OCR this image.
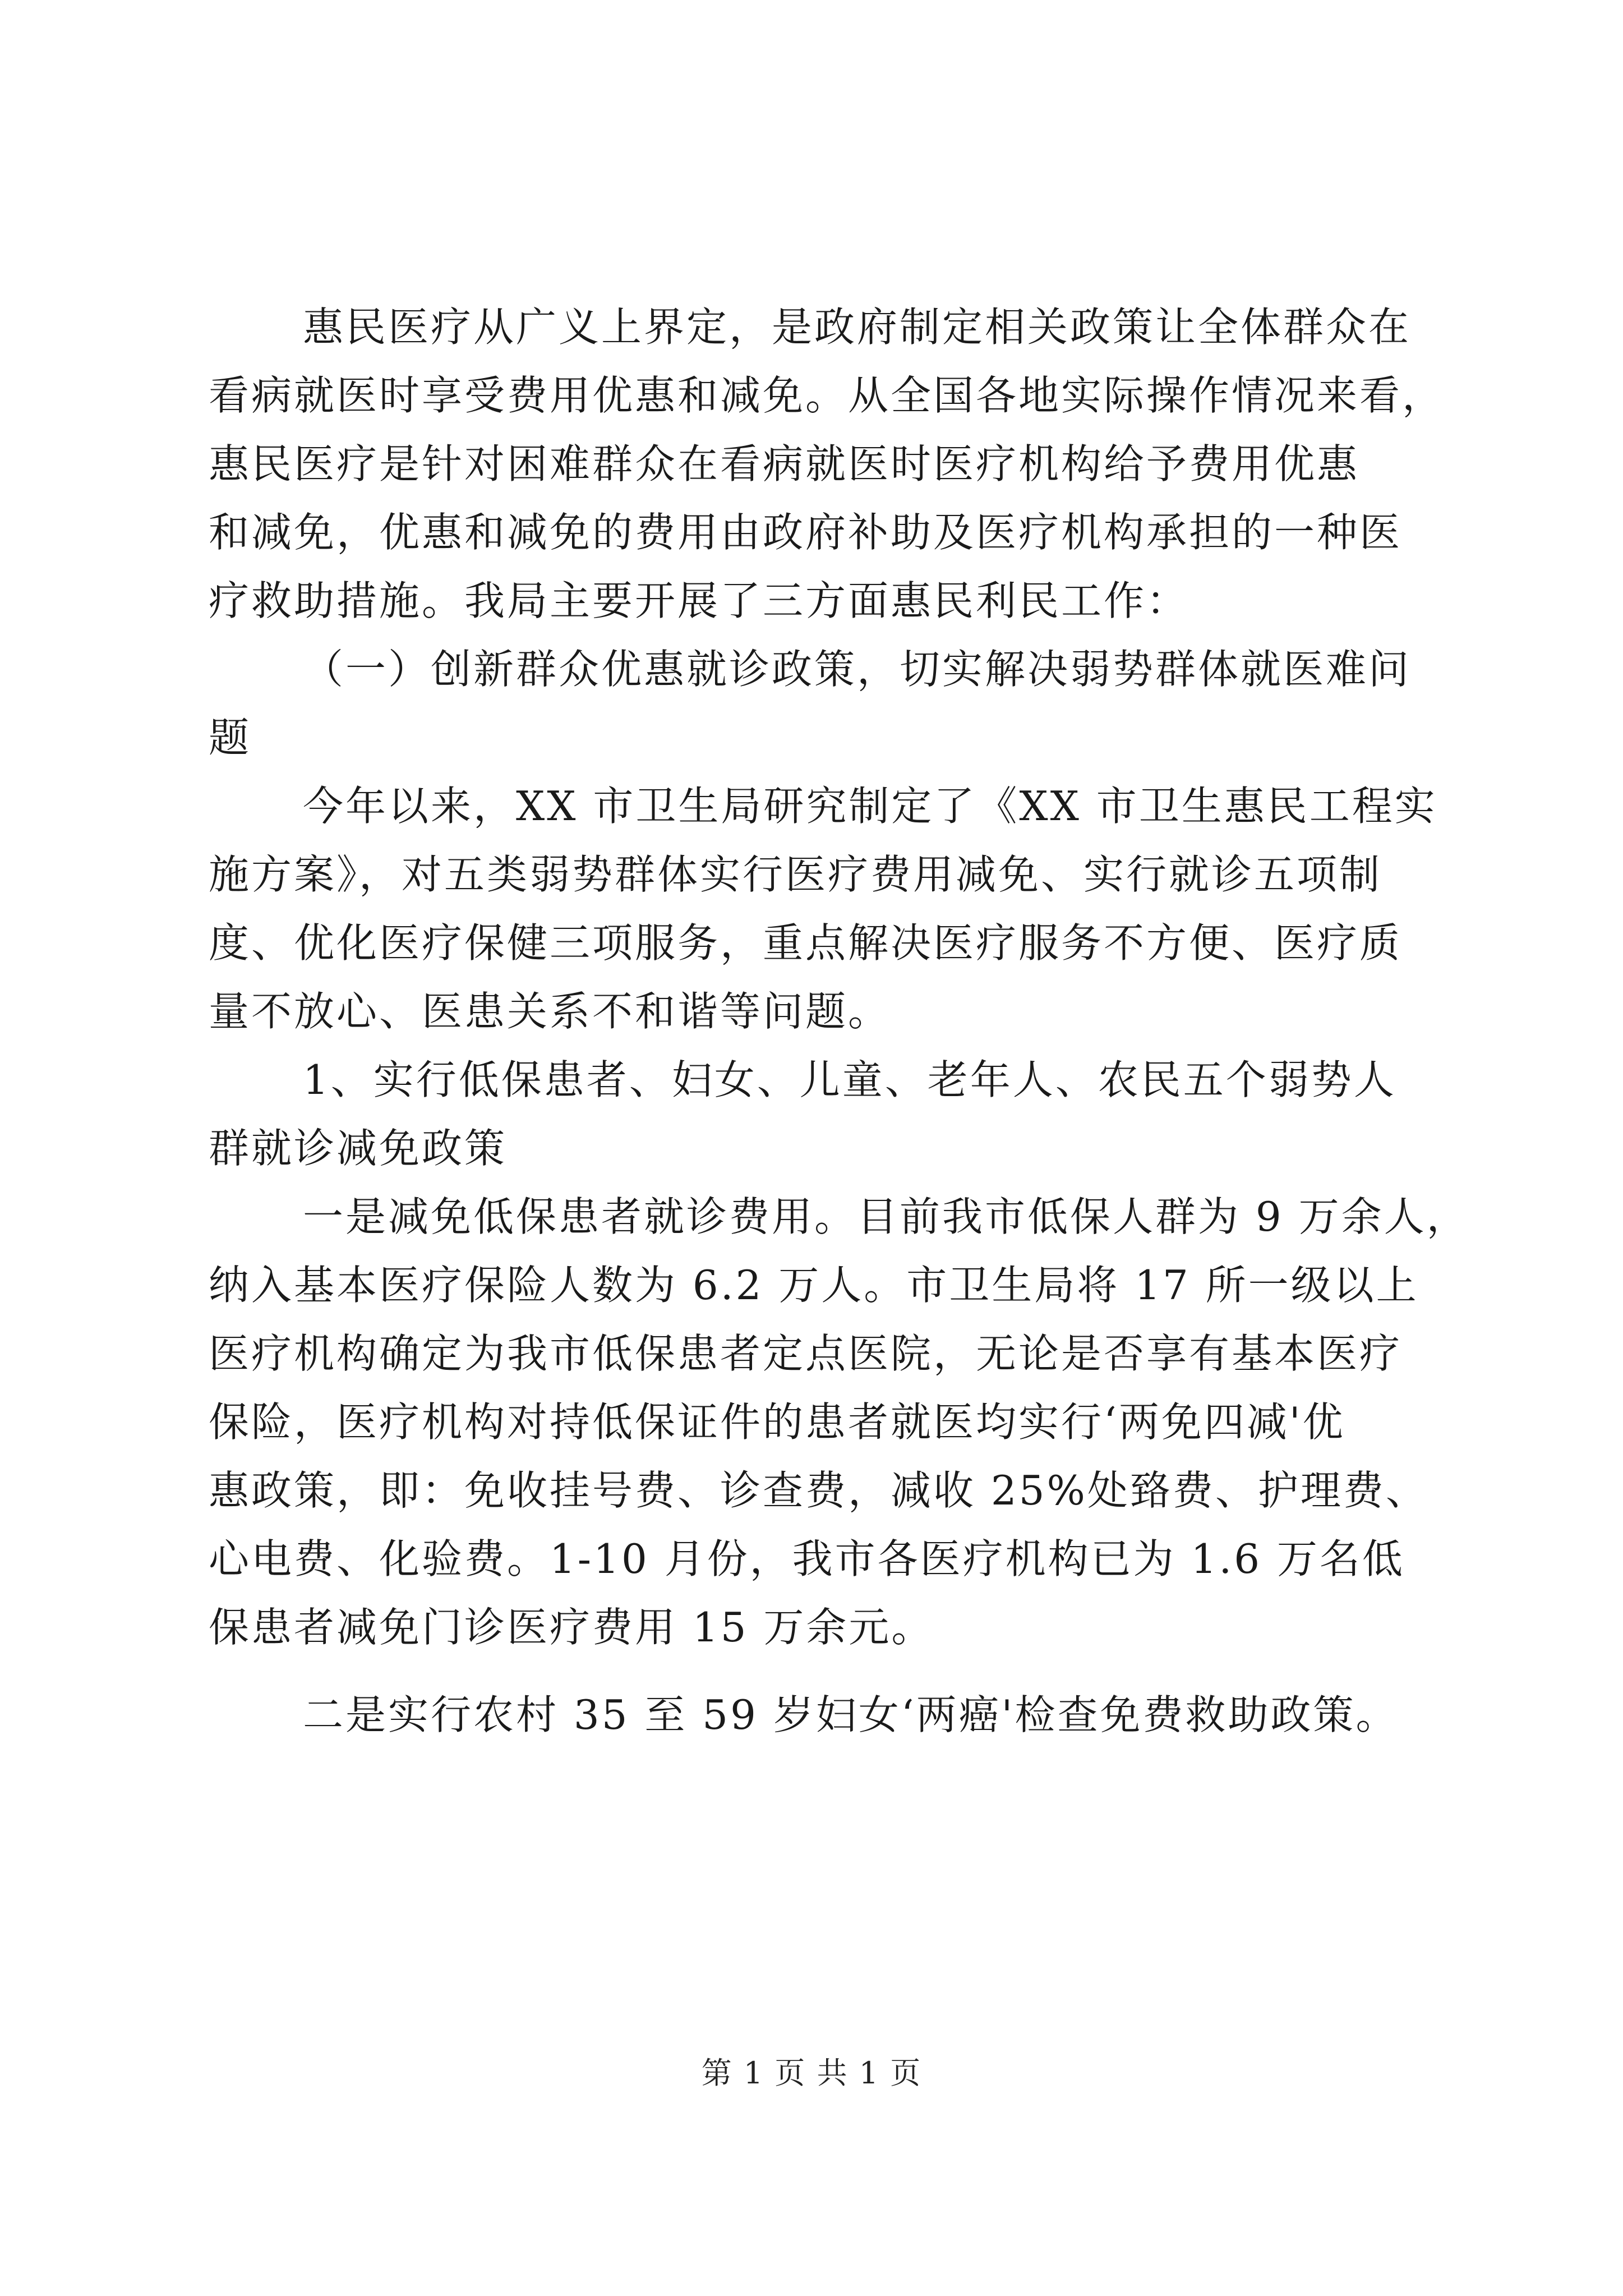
惠民医疗从广义上界定，是政府制定相关政策让全体群众在
看病就医时享受费用优惠和减免。从全国各地实际操作情况来看，
惠民医疗是针对困难群众在看病就医时医疗机构给予费用优惠
和减免，优惠和减免的费用由政府补助及医疗机构承担的一种医
疗救助措施。我局主要开展了三方面惠民利民工作：
（一）创新群众优惠就诊政策，切实解决弱势群体就医难问
题
今年以来，XX 市卫生局研究制定了《XX 市卫生惠民工程实
施方案》，对五类弱势群体实行医疗费用减免、实行就诊五项制
度、优化医疗保健三项服务，重点解决医疗服务不方便、医疗质
量不放心、医患关系不和谐等问题。
1、实行低保患者、妇女、儿童、老年人、农民五个弱势人
群就诊减免政策
一是减免低保患者就诊费用。目前我市低保人群为 9 万余人，
纳入基本医疗保险人数为 6.2 万人。市卫生局将 17 所一级以上
医疗机构确定为我市低保患者定点医院，无论是否享有基本医疗
保险，医疗机构对持低保证件的患者就医均实行‘两免四减'优
惠政策，即：免收挂号费、诊查费，减收 25%处臵费、护理费、
心电费、化验费。1-10 月份，我市各医疗机构已为 1.6 万名低
保患者减免门诊医疗费用 15 万余元。
二是实行农村 35 至 59 岁妇女‘两癌'检查免费救助政策。
第 1 页 共 1 页
